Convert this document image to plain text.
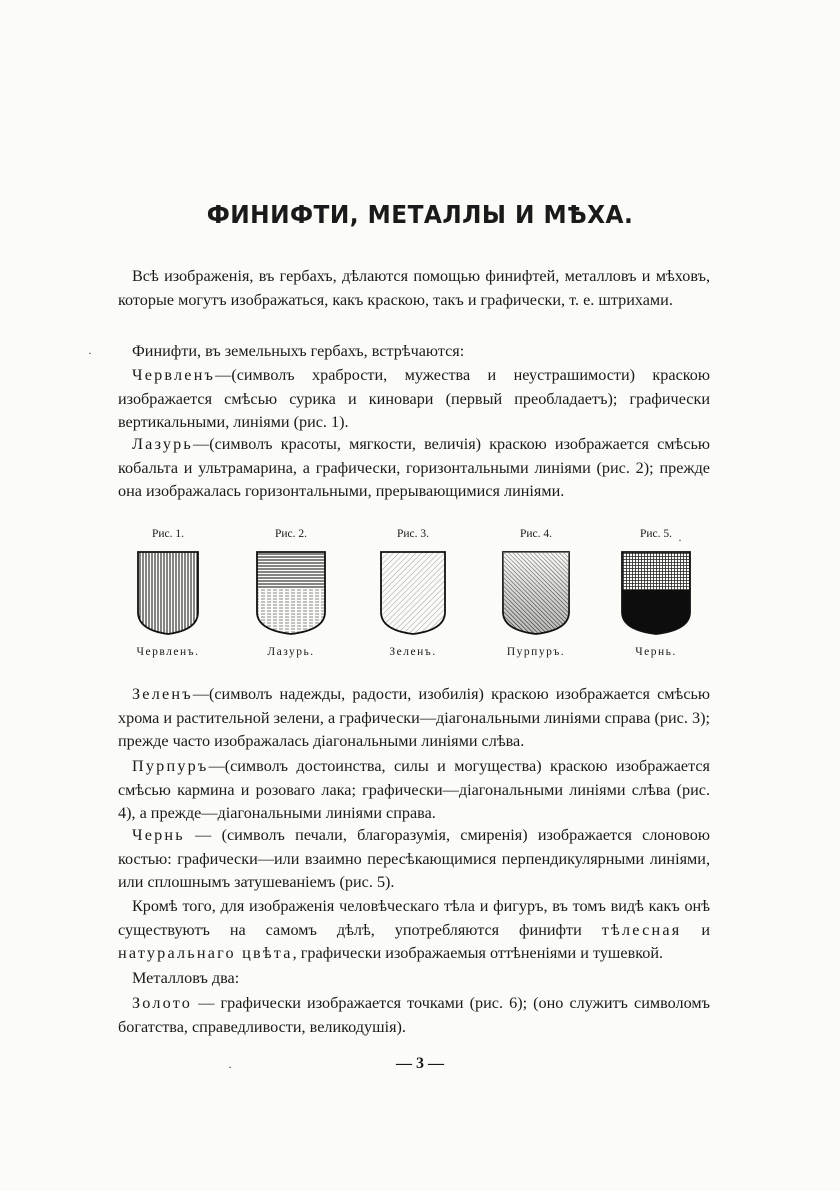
ФИНИФТИ, МЕТАЛЛЫ И МѢХА.

Всѣ изображенія, въ гербахъ, дѣлаются помощью финифтей, металловъ и мѣховъ, которые могутъ изображаться, какъ краскою, такъ и графически, т. е. штрихами.

Финифти, въ земельныхъ гербахъ, встрѣчаются:

Червленъ—(символъ храбрости, мужества и неустрашимости) краскою изображается смѣсью сурика и киновари (первый преобладаетъ); графически вертикальными, линіями (рис. 1).

Лазурь—(символъ красоты, мягкости, величія) краскою изображается смѣсью кобальта и ультрамарина, а графически, горизонтальными линіями (рис. 2); прежде она изображалась горизонтальными, прерывающимися линіями.

Рис. 1.
Червленъ.
Рис. 2.
Лазурь.
Рис. 3.
Зеленъ.
Рис. 4.
Пурпуръ.
Рис. 5.
Чернь.

Зеленъ—(символъ надежды, радости, изобилія) краскою изображается смѣсью хрома и растительной зелени, а графически—діагональными линіями справа (рис. 3); прежде часто изображалась діагональными линіями слѣва.

Пурпуръ—(символъ достоинства, силы и могущества) краскою изображается смѣсью кармина и розоваго лака; графически—діагональными линіями слѣва (рис. 4), а прежде—діагональными линіями справа.

Чернь — (символъ печали, благоразумія, смиренія) изображается слоновою костью: графически—или взаимно пересѣкающимися перпендикулярными линіями, или сплошнымъ затушеваніемъ (рис. 5).

Кромѣ того, для изображенія человѣческаго тѣла и фигуръ, въ томъ видѣ какъ онѣ существуютъ на самомъ дѣлѣ, употребляются финифти тѣлесная и натуральнаго цвѣта, графически изображаемыя оттѣненіями и тушевкой.

Металловъ два:

Золото — графически изображается точками (рис. 6); (оно служитъ символомъ богатства, справедливости, великодушія).

— 3 —
·
·
·
